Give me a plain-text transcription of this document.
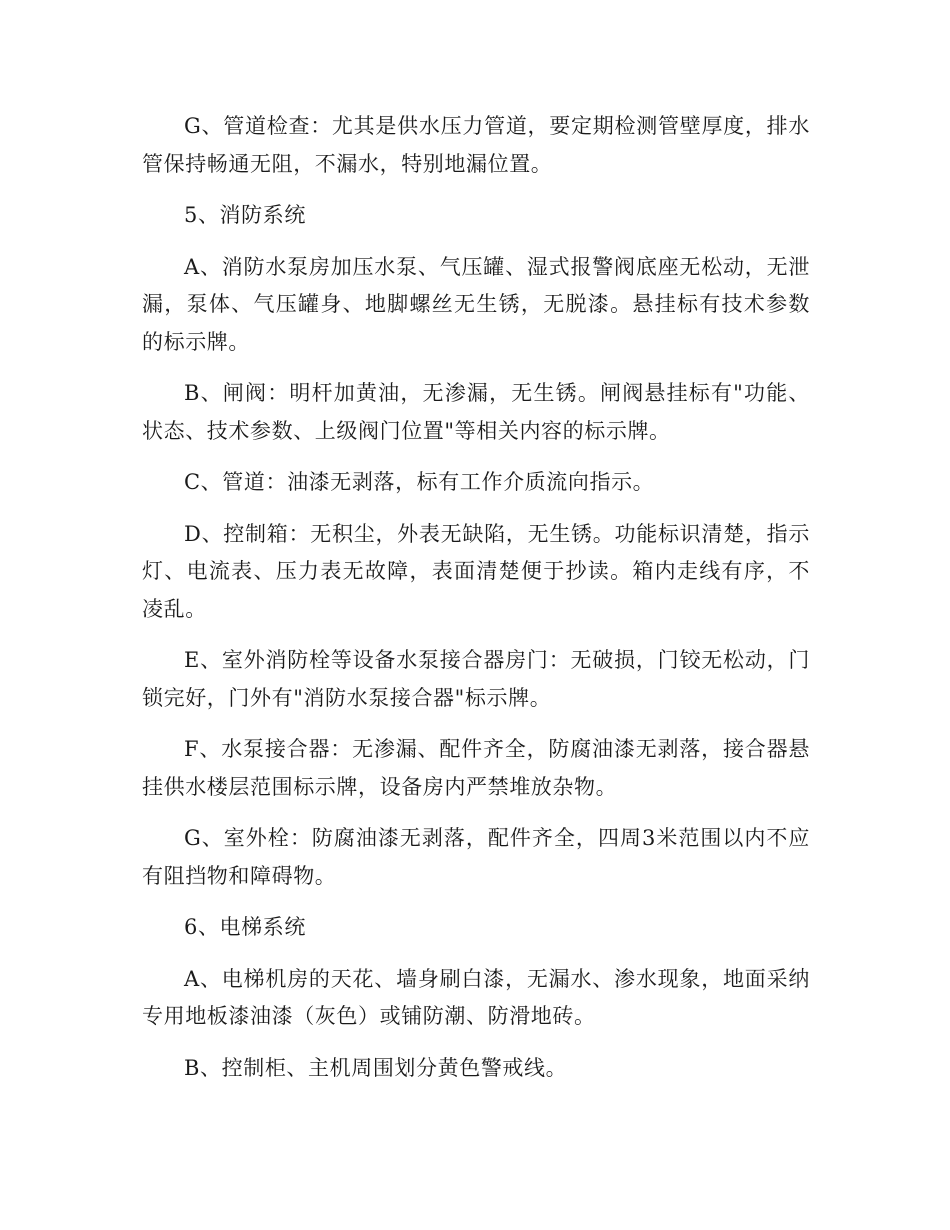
G、管道检查：尤其是供水压力管道，要定期检测管壁厚度，排水管保持畅通无阻，不漏水，特别地漏位置。

5、消防系统

A、消防水泵房加压水泵、气压罐、湿式报警阀底座无松动，无泄漏，泵体、气压罐身、地脚螺丝无生锈，无脱漆。悬挂标有技术参数的标示牌。

B、闸阀：明杆加黄油，无渗漏，无生锈。闸阀悬挂标有"功能、状态、技术参数、上级阀门位置"等相关内容的标示牌。

C、管道：油漆无剥落，标有工作介质流向指示。

D、控制箱：无积尘，外表无缺陷，无生锈。功能标识清楚，指示灯、电流表、压力表无故障，表面清楚便于抄读。箱内走线有序，不凌乱。

E、室外消防栓等设备水泵接合器房门：无破损，门铰无松动，门锁完好，门外有"消防水泵接合器"标示牌。

F、水泵接合器：无渗漏、配件齐全，防腐油漆无剥落，接合器悬挂供水楼层范围标示牌，设备房内严禁堆放杂物。

G、室外栓：防腐油漆无剥落，配件齐全，四周3米范围以内不应有阻挡物和障碍物。

6、电梯系统

A、电梯机房的天花、墙身刷白漆，无漏水、渗水现象，地面采纳专用地板漆油漆（灰色）或铺防潮、防滑地砖。

B、控制柜、主机周围划分黄色警戒线。
